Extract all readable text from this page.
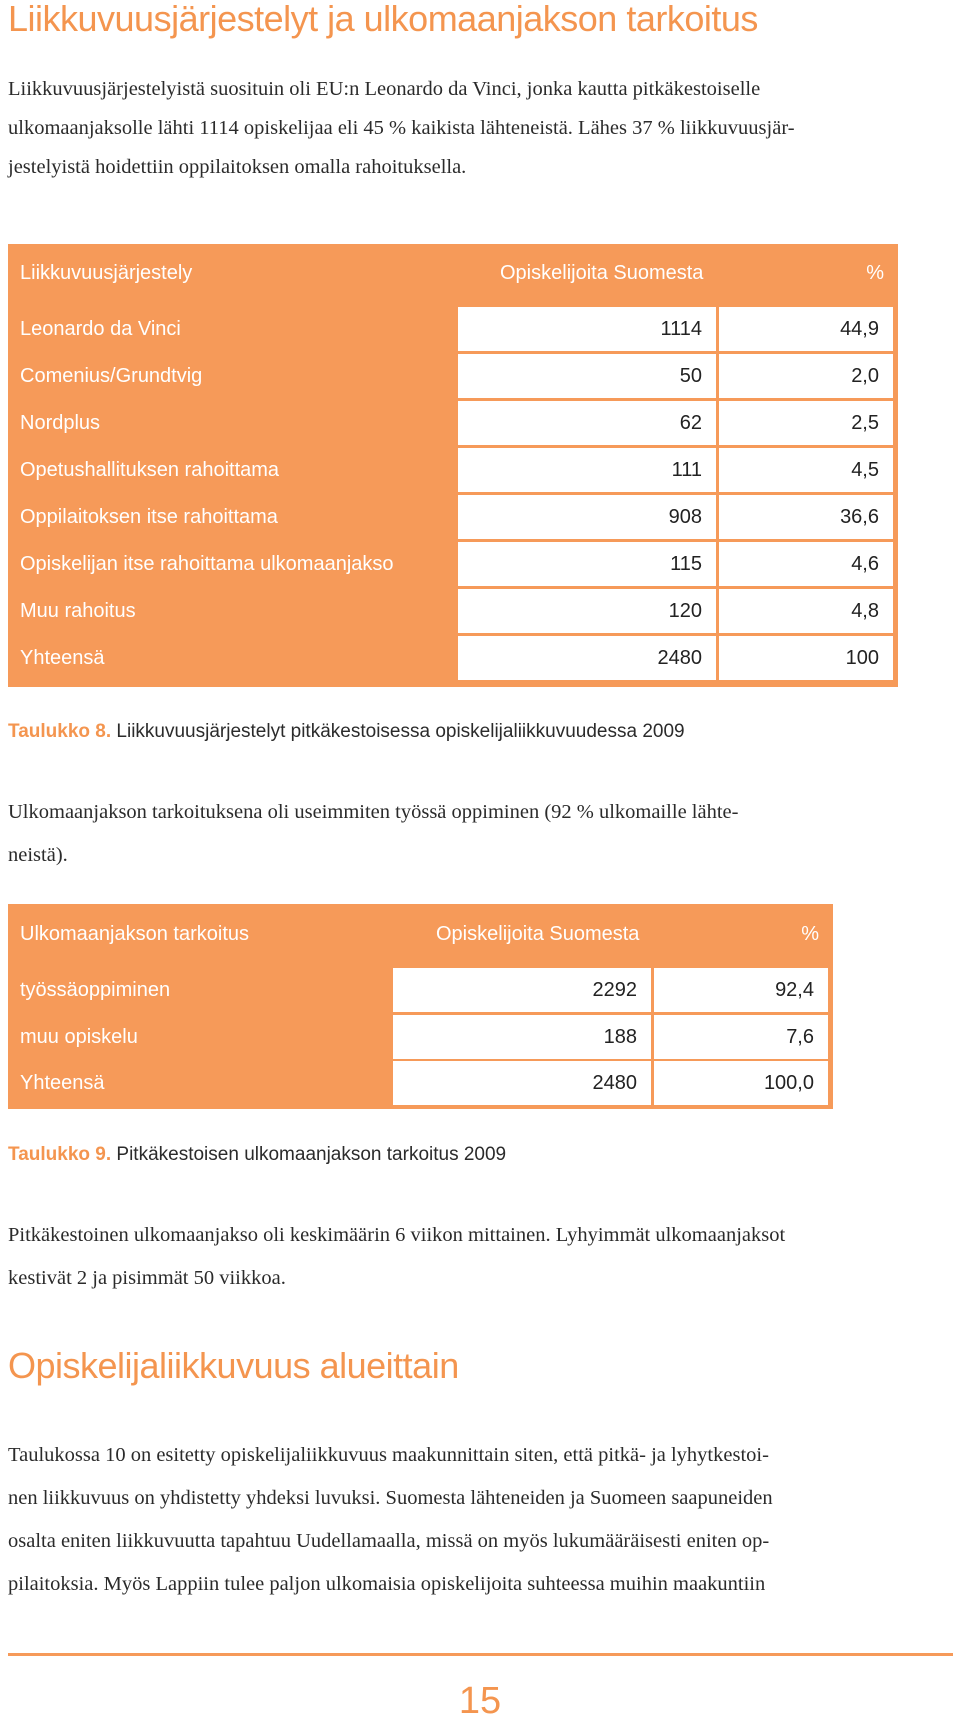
Liikkuvuusjärjestelyt ja ulkomaanjakson tarkoitus
Liikkuvuusjärjestelyistä suosituin oli EU:n Leonardo da Vinci, jonka kautta pitkäkestoiselle
ulkomaanjaksolle lähti 1114 opiskelijaa eli 45 % kaikista lähteneistä. Lähes 37 % liikkuvuusjär-
jestelyistä hoidettiin oppilaitoksen omalla rahoituksella.
Liikkuvuusjärjestely	Opiskelijoita Suomesta	%
Leonardo da Vinci	1114	44,9
Comenius/Grundtvig	50	2,0
Nordplus	62	2,5
Opetushallituksen rahoittama	111	4,5
Oppilaitoksen itse rahoittama	908	36,6
Opiskelijan itse rahoittama ulkomaanjakso	115	4,6
Muu rahoitus	120	4,8
Yhteensä	2480	100

Taulukko 8. Liikkuvuusjärjestelyt pitkäkestoisessa opiskelijaliikkuvuudessa 2009

Ulkomaanjakson tarkoituksena oli useimmiten työssä oppiminen (92 % ulkomaille lähte-
neistä).
Ulkomaanjakson tarkoitus	Opiskelijoita Suomesta	%
työssäoppiminen	2292	92,4
muu opiskelu	188	7,6
Yhteensä	2480	100,0

Taulukko 9. Pitkäkestoisen ulkomaanjakson tarkoitus 2009

Pitkäkestoinen ulkomaanjakso oli keskimäärin 6 viikon mittainen. Lyhyimmät ulkomaanjaksot
kestivät 2 ja pisimmät 50 viikkoa.
Opiskelijaliikkuvuus alueittain
Taulukossa 10 on esitetty opiskelijaliikkuvuus maakunnittain siten, että pitkä- ja lyhytkestoi-
nen liikkuvuus on yhdistetty yhdeksi luvuksi. Suomesta lähteneiden ja Suomeen saapuneiden
osalta eniten liikkuvuutta tapahtuu Uudellamaalla, missä on myös lukumääräisesti eniten op-
pilaitoksia. Myös Lappiin tulee paljon ulkomaisia opiskelijoita suhteessa muihin maakuntiin
15
